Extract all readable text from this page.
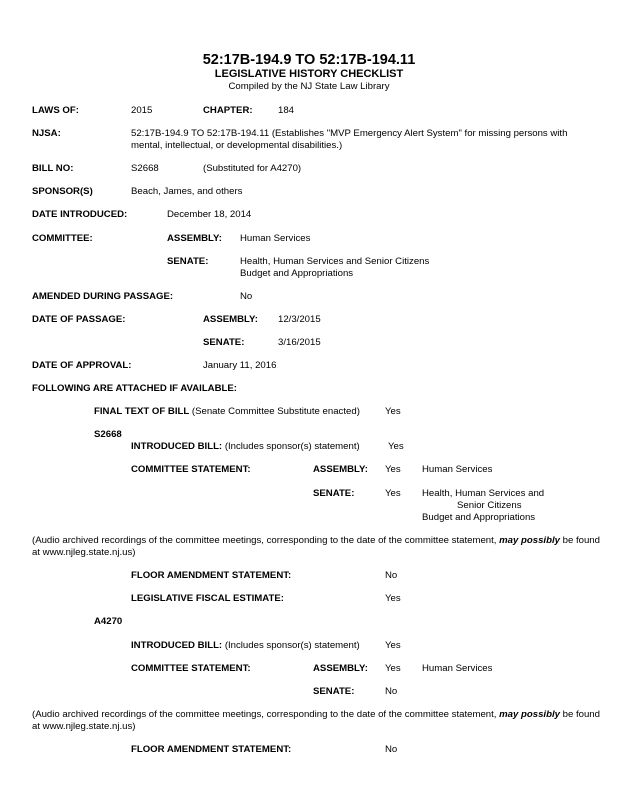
52:17B-194.9 TO 52:17B-194.11
LEGISLATIVE HISTORY CHECKLIST
Compiled by the NJ State Law Library
LAWS OF:	2015	CHAPTER:	184
NJSA:	52:17B-194.9 TO 52:17B-194.11 (Establishes "MVP Emergency Alert System" for missing persons with
mental, intellectual, or developmental disabilities.)
BILL NO:	S2668	(Substituted for A4270)
SPONSOR(S)	Beach, James, and others
DATE INTRODUCED:	December 18, 2014
COMMITTEE:	ASSEMBLY: Human Services
SENATE:	Health, Human Services and Senior Citizens
Budget and Appropriations
AMENDED DURING PASSAGE:	No
DATE OF PASSAGE:	ASSEMBLY: 12/3/2015
SENATE:	3/16/2015
DATE OF APPROVAL:	January 11, 2016
FOLLOWING ARE ATTACHED IF AVAILABLE:
FINAL TEXT OF BILL (Senate Committee Substitute enacted)	Yes
S2668
INTRODUCED BILL: (Includes sponsor(s) statement)	Yes
COMMITTEE STATEMENT:	ASSEMBLY: Yes Human Services
SENATE:	Yes Health, Human Services and
Senior Citizens
Budget and Appropriations
(Audio archived recordings of the committee meetings, corresponding to the date of the committee statement, may possibly be found at www.njleg.state.nj.us)
FLOOR AMENDMENT STATEMENT:	No
LEGISLATIVE FISCAL ESTIMATE:	Yes
A4270
INTRODUCED BILL: (Includes sponsor(s) statement)	Yes
COMMITTEE STATEMENT:	ASSEMBLY: Yes Human Services
SENATE:	No
(Audio archived recordings of the committee meetings, corresponding to the date of the committee statement, may possibly be found at www.njleg.state.nj.us)
FLOOR AMENDMENT STATEMENT:	No
